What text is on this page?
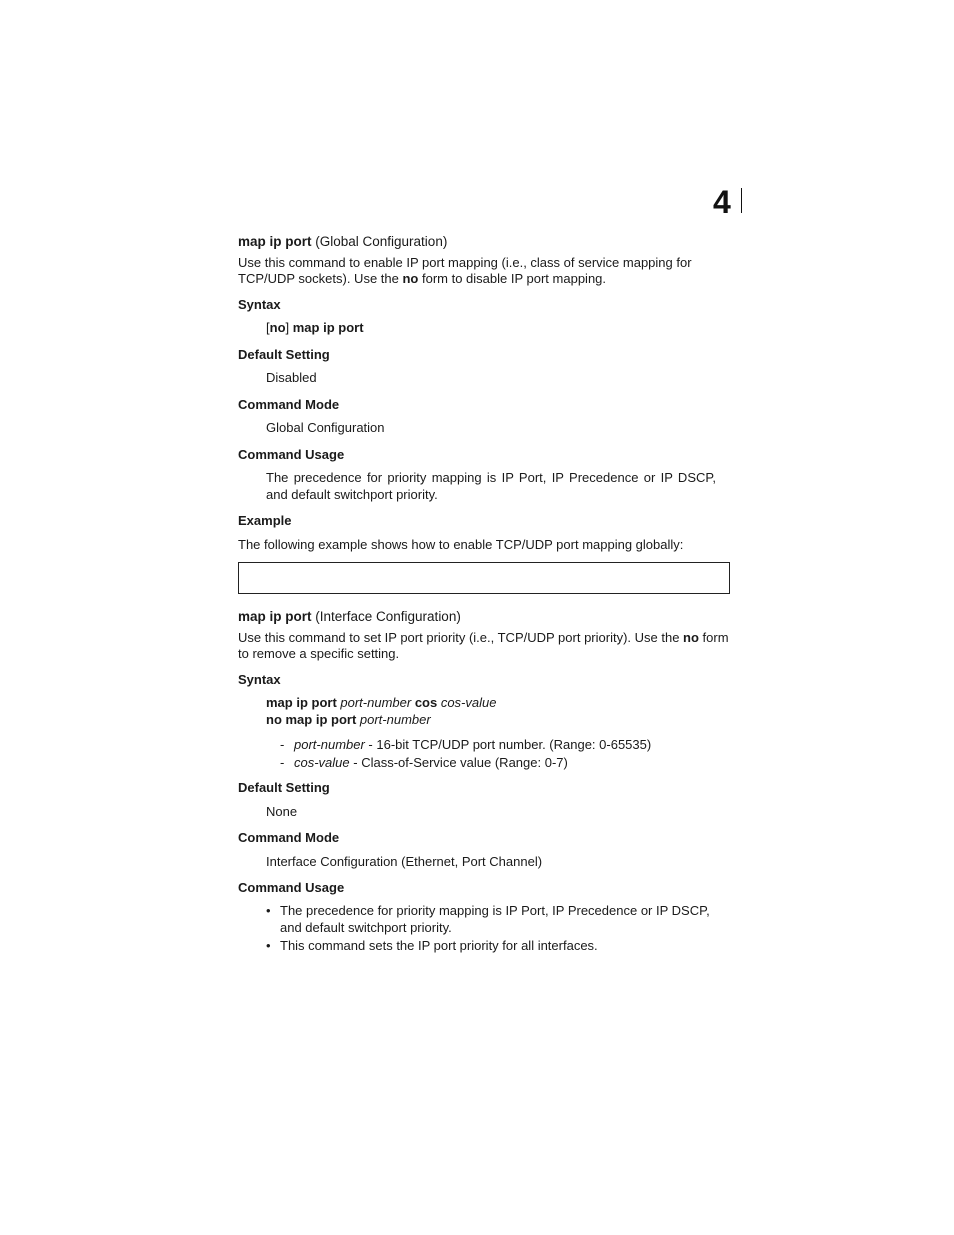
4
map ip port (Global Configuration)
Use this command to enable IP port mapping (i.e., class of service mapping for TCP/UDP sockets). Use the no form to disable IP port mapping.
Syntax
[no] map ip port
Default Setting
Disabled
Command Mode
Global Configuration
Command Usage
The precedence for priority mapping is IP Port, IP Precedence or IP DSCP, and default switchport priority.
Example
The following example shows how to enable TCP/UDP port mapping globally:
map ip port (Interface Configuration)
Use this command to set IP port priority (i.e., TCP/UDP port priority). Use the no form to remove a specific setting.
Syntax
map ip port port-number cos cos-value
no map ip port port-number
- port-number - 16-bit TCP/UDP port number. (Range: 0-65535)
- cos-value - Class-of-Service value (Range: 0-7)
Default Setting
None
Command Mode
Interface Configuration (Ethernet, Port Channel)
Command Usage
• The precedence for priority mapping is IP Port, IP Precedence or IP DSCP, and default switchport priority.
• This command sets the IP port priority for all interfaces.
